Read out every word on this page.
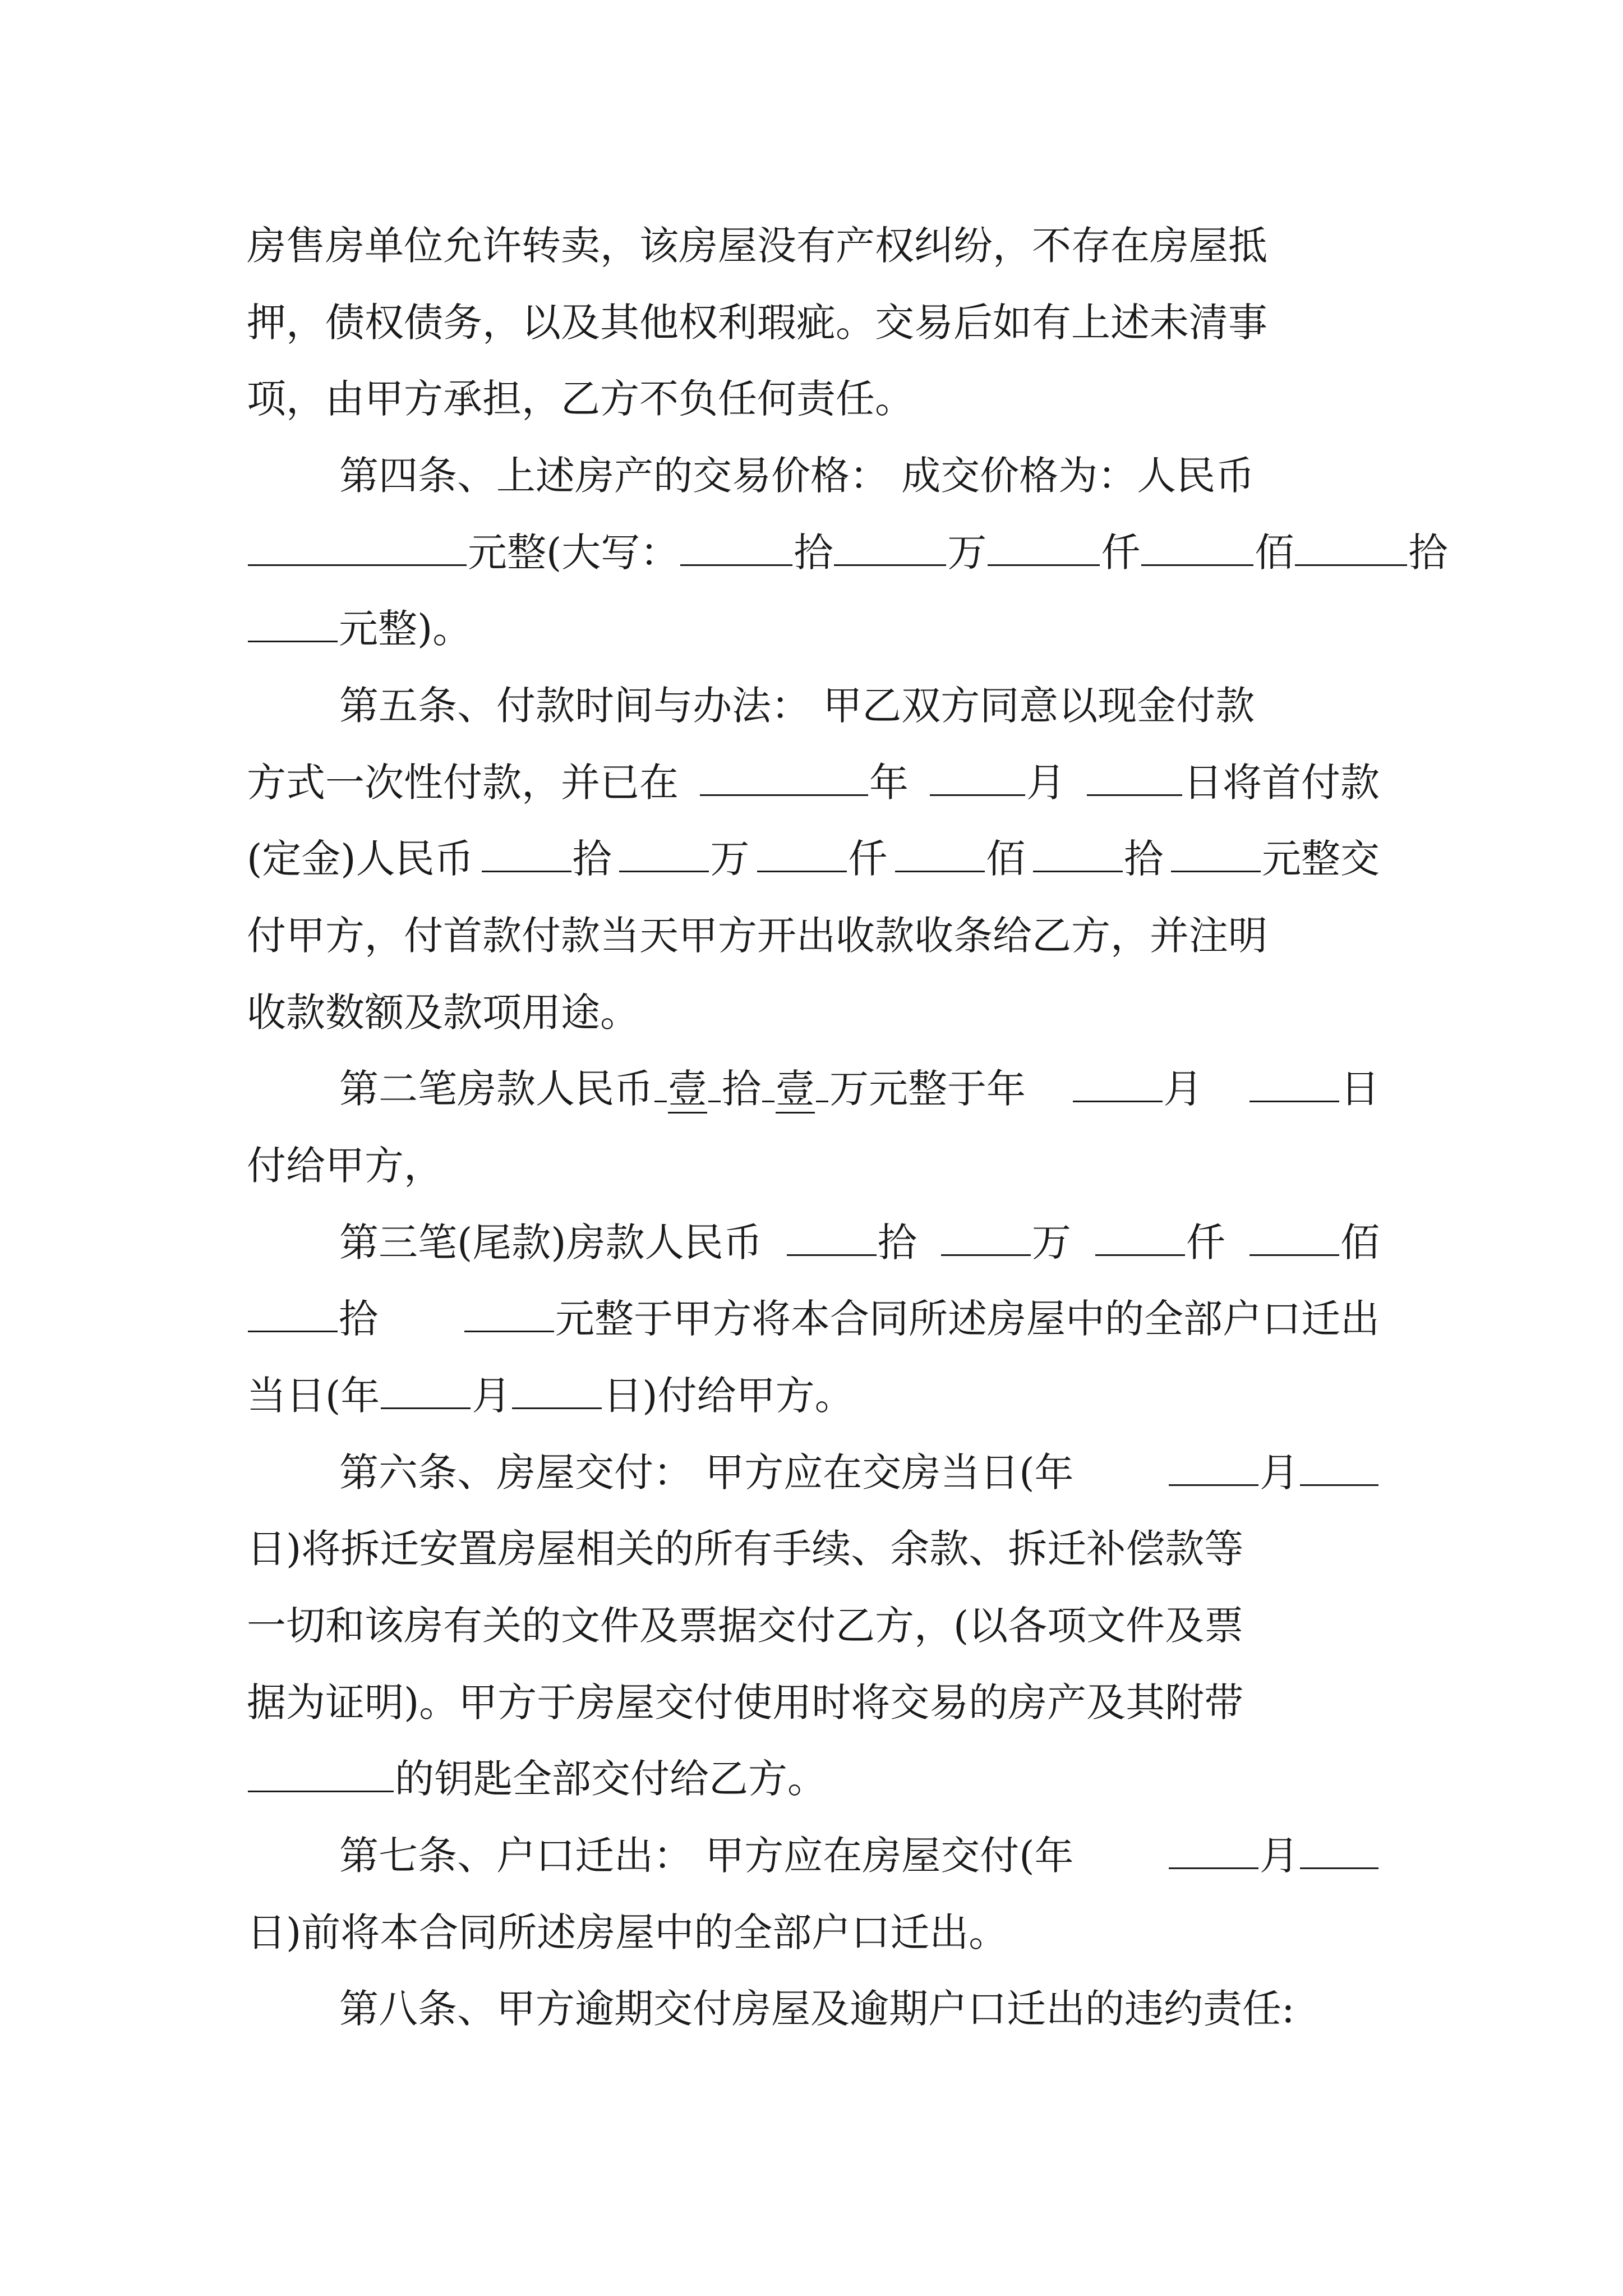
房售房单位允许转卖，该房屋没有产权纠纷，不存在房屋抵
押，债权债务，以及其他权利瑕疵。交易后如有上述未清事
项，由甲方承担，乙方不负任何责任。
第四条、上述房产的交易价格： 成交价格为：人民币
元整(大写：	拾	万	仟	佰	拾
元整)。
第五条、付款时间与办法： 甲乙双方同意以现金付款
方式一次性付款，并已在	年	月	日将首付款
(定金)人民币	拾	万	仟	佰	拾	元整交
付甲方，付首款付款当天甲方开出收款收条给乙方，并注明
收款数额及款项用途。
第二笔房款人民币 壹 拾 壹 万元整于年	月	日
付给甲方，
第三笔(尾款)房款人民币	拾	万	仟	佰
拾	元整于甲方将本合同所述房屋中的全部户口迁出
当日(年 月 日)付给甲方。
第六条、房屋交付： 甲方应在交房当日(年	月
日)将拆迁安置房屋相关的所有手续、余款、拆迁补偿款等
一切和该房有关的文件及票据交付乙方，(以各项文件及票
据为证明)。甲方于房屋交付使用时将交易的房产及其附带
的钥匙全部交付给乙方。
第七条、户口迁出： 甲方应在房屋交付(年	月
日)前将本合同所述房屋中的全部户口迁出。
第八条、甲方逾期交付房屋及逾期户口迁出的违约责任:
